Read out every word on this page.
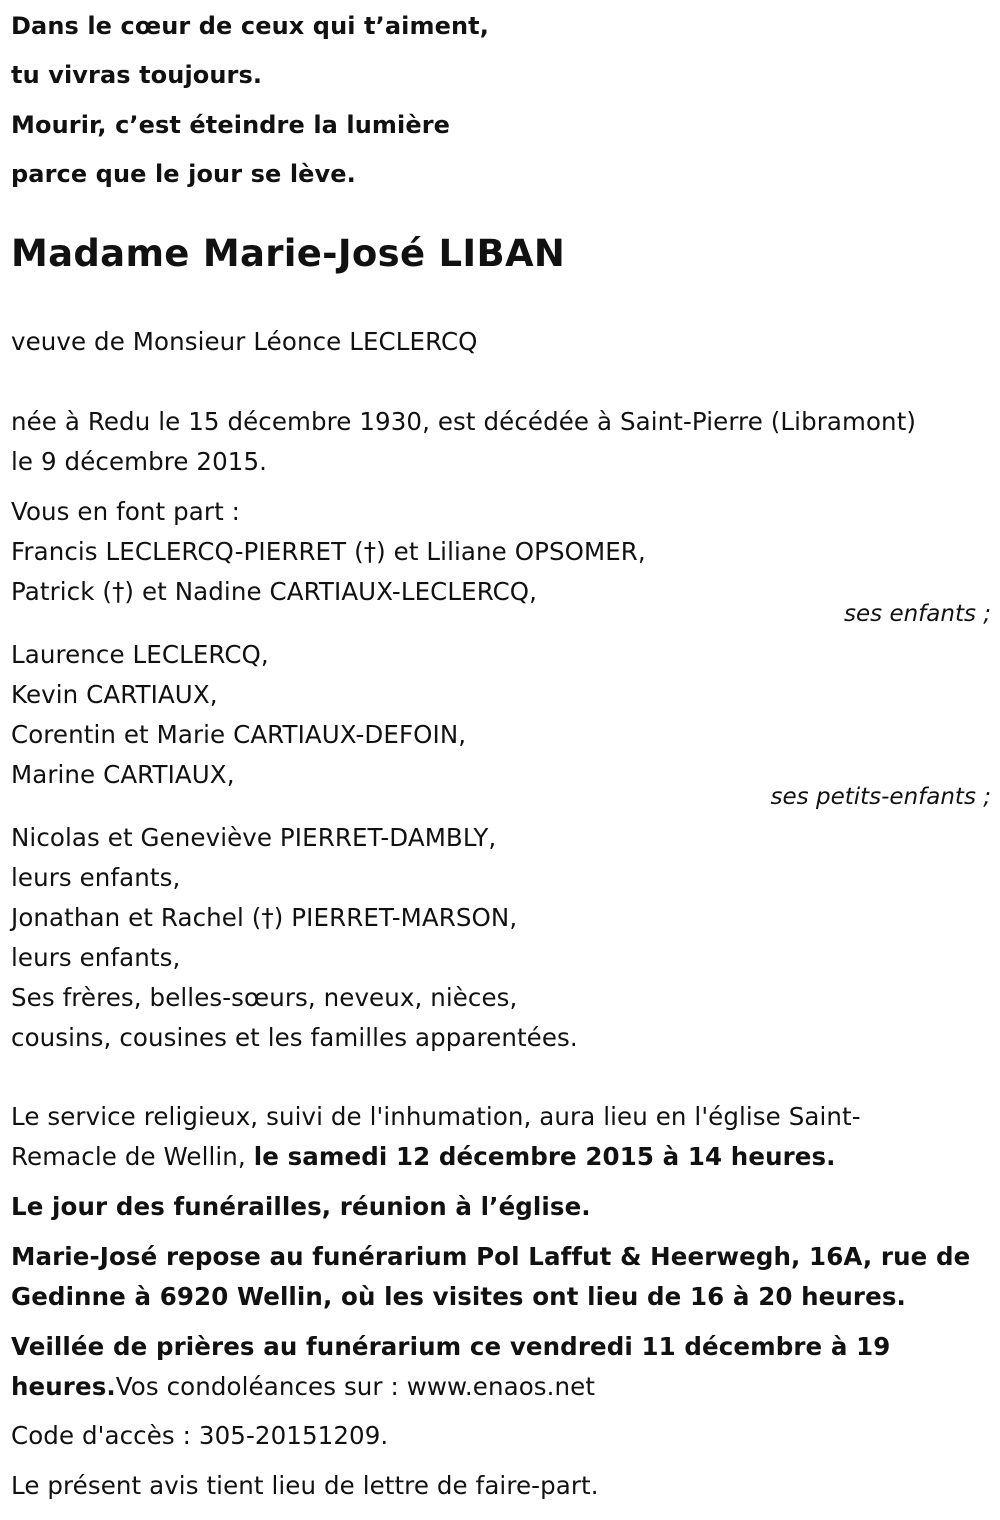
Dans le cœur de ceux qui t’aiment,
tu vivras toujours.
Mourir, c’est éteindre la lumière
parce que le jour se lève.
Madame Marie-José LIBAN
veuve de Monsieur Léonce LECLERCQ
née à Redu le 15 décembre 1930, est décédée à Saint-Pierre (Libramont)
le 9 décembre 2015.
Vous en font part :
Francis LECLERCQ-PIERRET (†) et Liliane OPSOMER,
Patrick (†) et Nadine CARTIAUX-LECLERCQ,
ses enfants ;
Laurence LECLERCQ,
Kevin CARTIAUX,
Corentin et Marie CARTIAUX-DEFOIN,
Marine CARTIAUX,
ses petits-enfants ;
Nicolas et Geneviève PIERRET-DAMBLY,
leurs enfants,
Jonathan et Rachel (†) PIERRET-MARSON,
leurs enfants,
Ses frères, belles-sœurs, neveux, nièces,
cousins, cousines et les familles apparentées.
Le service religieux, suivi de l'inhumation, aura lieu en l'église Saint-
Remacle de Wellin, le samedi 12 décembre 2015 à 14 heures.
Le jour des funérailles, réunion à l’église.
Marie-José repose au funérarium Pol Laffut & Heerwegh, 16A, rue de
Gedinne à 6920 Wellin, où les visites ont lieu de 16 à 20 heures.
Veillée de prières au funérarium ce vendredi 11 décembre à 19
heures.Vos condoléances sur : www.enaos.net
Code d'accès : 305-20151209.
Le présent avis tient lieu de lettre de faire-part.
